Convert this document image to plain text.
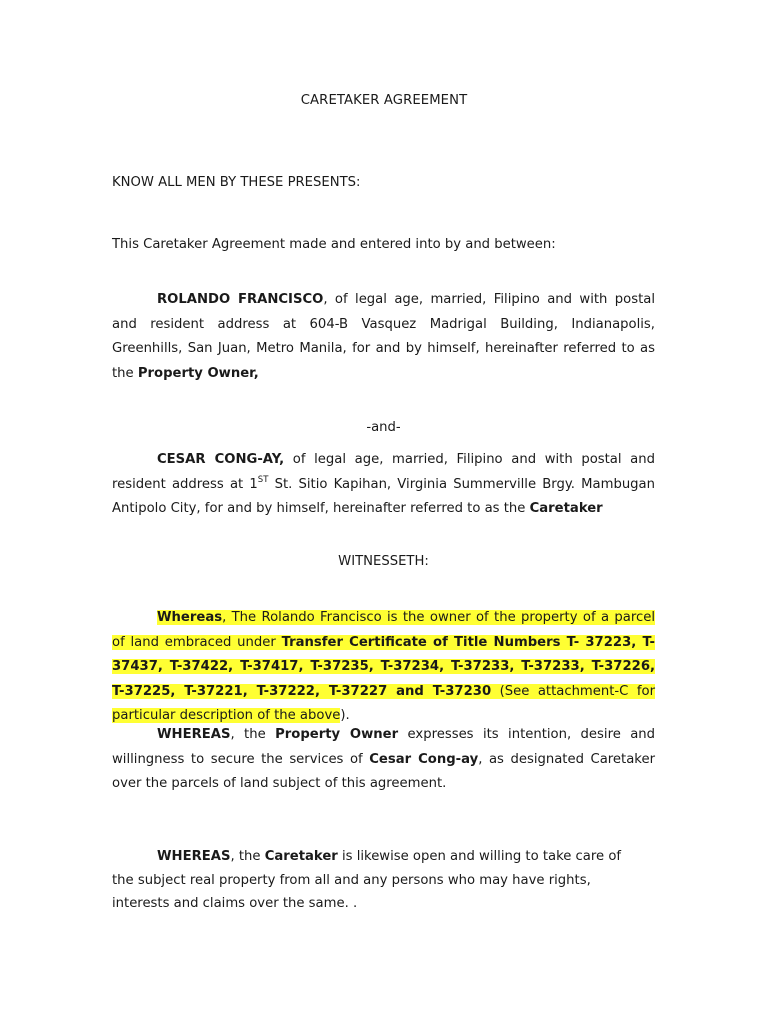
CARETAKER AGREEMENT
KNOW ALL MEN BY THESE PRESENTS:
This Caretaker Agreement made and entered into by and between:
ROLANDO FRANCISCO, of legal age, married, Filipino and with postal and resident address at 604-B Vasquez Madrigal Building, Indianapolis, Greenhills, San Juan, Metro Manila, for and by himself, hereinafter referred to as the Property Owner,
-and-
CESAR CONG-AY, of legal age, married, Filipino and with postal and resident address at 1ST St. Sitio Kapihan, Virginia Summerville Brgy. Mambugan Antipolo City, for and by himself, hereinafter referred to as the Caretaker
WITNESSETH:
Whereas, The Rolando Francisco is the owner of the property of a parcel of land embraced under Transfer Certificate of Title Numbers T- 37223, T-37437, T-37422, T-37417, T-37235, T-37234, T-37233, T-37233, T-37226, T-37225, T-37221, T-37222, T-37227 and T-37230 (See attachment-C for particular description of the above).
WHEREAS, the Property Owner expresses its intention, desire and willingness to secure the services of Cesar Cong-ay, as designated Caretaker over the parcels of land subject of this agreement.
WHEREAS, the Caretaker is likewise open and willing to take care of
the subject real property from all and any persons who may have rights,
interests and claims over the same. .
